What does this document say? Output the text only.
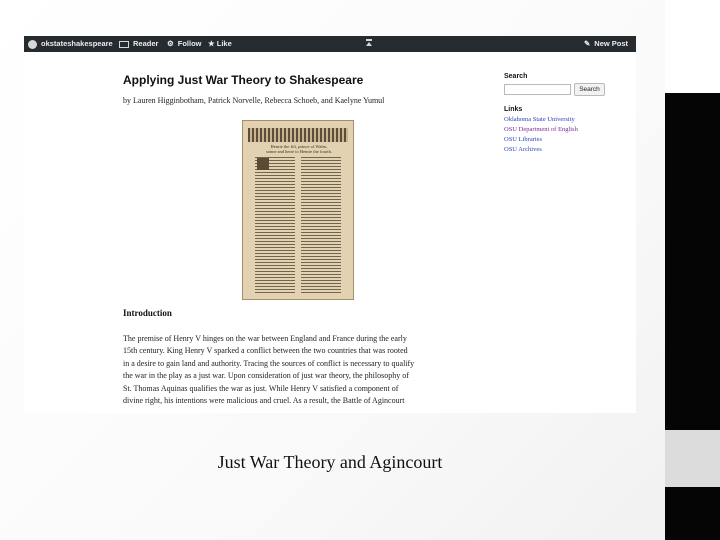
okstateshakespeare	Reader ⚙ Follow ★ Like	✎ New Post
Applying Just War Theory to Shakespeare
by Lauren Higginbotham, Patrick Norvelle, Rebecca Schoeb, and Kaelyne Yumul
Henrie the fift, prince of Wales,
sonne and heire to Henrie the fourth.
Introduction
The premise of Henry V hinges on the war between England and France during the early
15th century. King Henry V sparked a conflict between the two countries that was rooted
in a desire to gain land and authority. Tracing the sources of conflict is necessary to qualify
the war in the play as a just war. Upon consideration of just war theory, the philosophy of
St. Thomas Aquinas qualifies the war as just. While Henry V satisfied a component of
divine right, his intentions were malicious and cruel. As a result, the Battle of Agincourt
Search
Search
Links
Oklahoma State University
OSU Department of English
OSU Libraries
OSU Archives
Just War Theory and Agincourt
